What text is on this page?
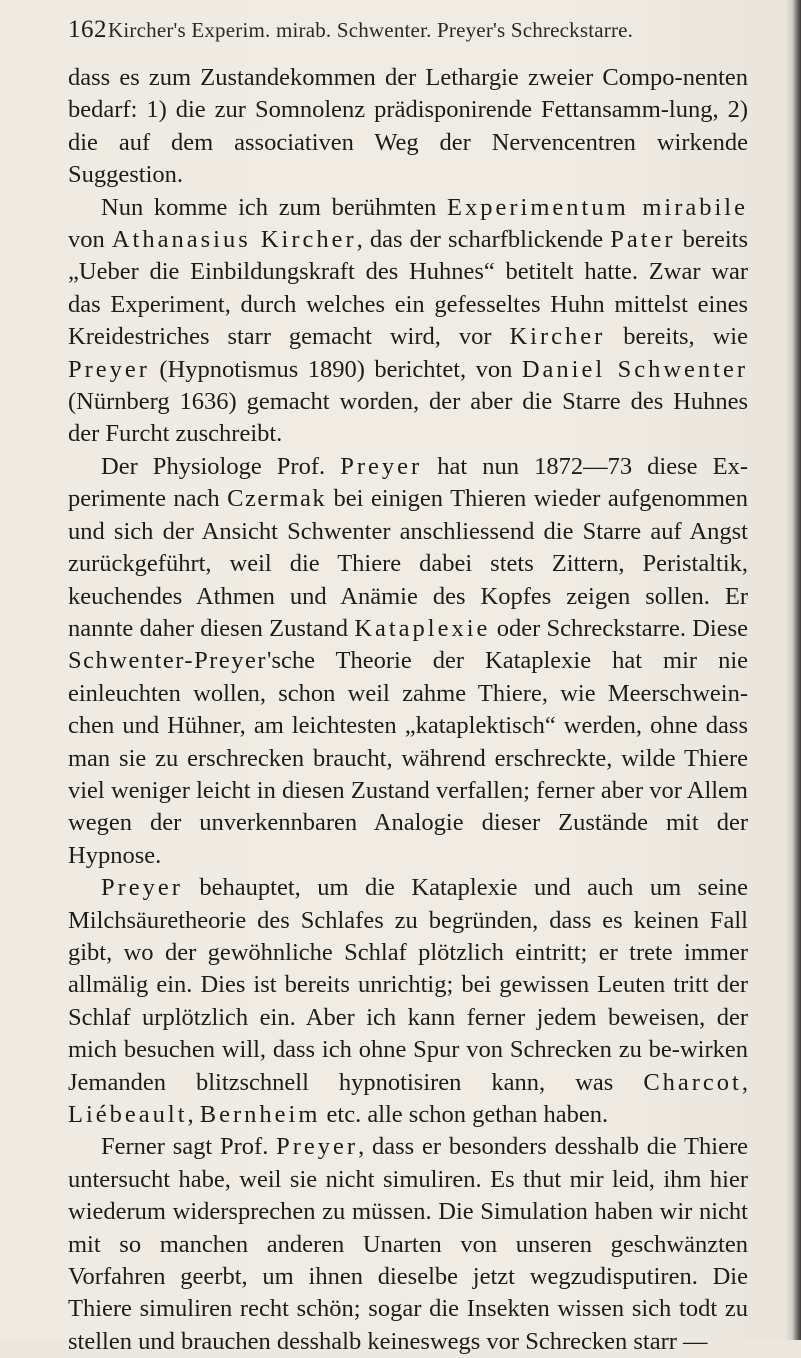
162 Kircher's Experim. mirab. Schwenter. Preyer's Schreckstarre.

dass es zum Zustandekommen der Lethargie zweier Compo-nenten bedarf: 1) die zur Somnolenz prädisponirende Fettansamm-lung, 2) die auf dem associativen Weg der Nervencentren wirkende Suggestion.

Nun komme ich zum berühmten Experimentum mirabile von Athanasius Kircher, das der scharfblickende Pater bereits „Ueber die Einbildungskraft des Huhnes“ betitelt hatte. Zwar war das Experiment, durch welches ein gefesseltes Huhn mittelst eines Kreidestriches starr gemacht wird, vor Kircher bereits, wie Preyer (Hypnotismus 1890) berichtet, von Daniel Schwenter (Nürnberg 1636) gemacht worden, der aber die Starre des Huhnes der Furcht zuschreibt.

Der Physiologe Prof. Preyer hat nun 1872—73 diese Ex-perimente nach Czermak bei einigen Thieren wieder aufgenommen und sich der Ansicht Schwenter anschliessend die Starre auf Angst zurückgeführt, weil die Thiere dabei stets Zittern, Peristaltik, keuchendes Athmen und Anämie des Kopfes zeigen sollen. Er nannte daher diesen Zustand Kataplexie oder Schreckstarre. Diese Schwenter-Preyer'sche Theorie der Kataplexie hat mir nie einleuchten wollen, schon weil zahme Thiere, wie Meerschwein-chen und Hühner, am leichtesten „kataplektisch“ werden, ohne dass man sie zu erschrecken braucht, während erschreckte, wilde Thiere viel weniger leicht in diesen Zustand verfallen; ferner aber vor Allem wegen der unverkennbaren Analogie dieser Zustände mit der Hypnose.

Preyer behauptet, um die Kataplexie und auch um seine Milchsäuretheorie des Schlafes zu begründen, dass es keinen Fall gibt, wo der gewöhnliche Schlaf plötzlich eintritt; er trete immer allmälig ein. Dies ist bereits unrichtig; bei gewissen Leuten tritt der Schlaf urplötzlich ein. Aber ich kann ferner jedem beweisen, der mich besuchen will, dass ich ohne Spur von Schrecken zu be-wirken Jemanden blitzschnell hypnotisiren kann, was Charcot, Liébeault, Bernheim etc. alle schon gethan haben.

Ferner sagt Prof. Preyer, dass er besonders desshalb die Thiere untersucht habe, weil sie nicht simuliren. Es thut mir leid, ihm hier wiederum widersprechen zu müssen. Die Simulation haben wir nicht mit so manchen anderen Unarten von unseren geschwänzten Vorfahren geerbt, um ihnen dieselbe jetzt wegzudisputiren. Die Thiere simuliren recht schön; sogar die Insekten wissen sich todt zu stellen und brauchen desshalb keineswegs vor Schrecken starr —
